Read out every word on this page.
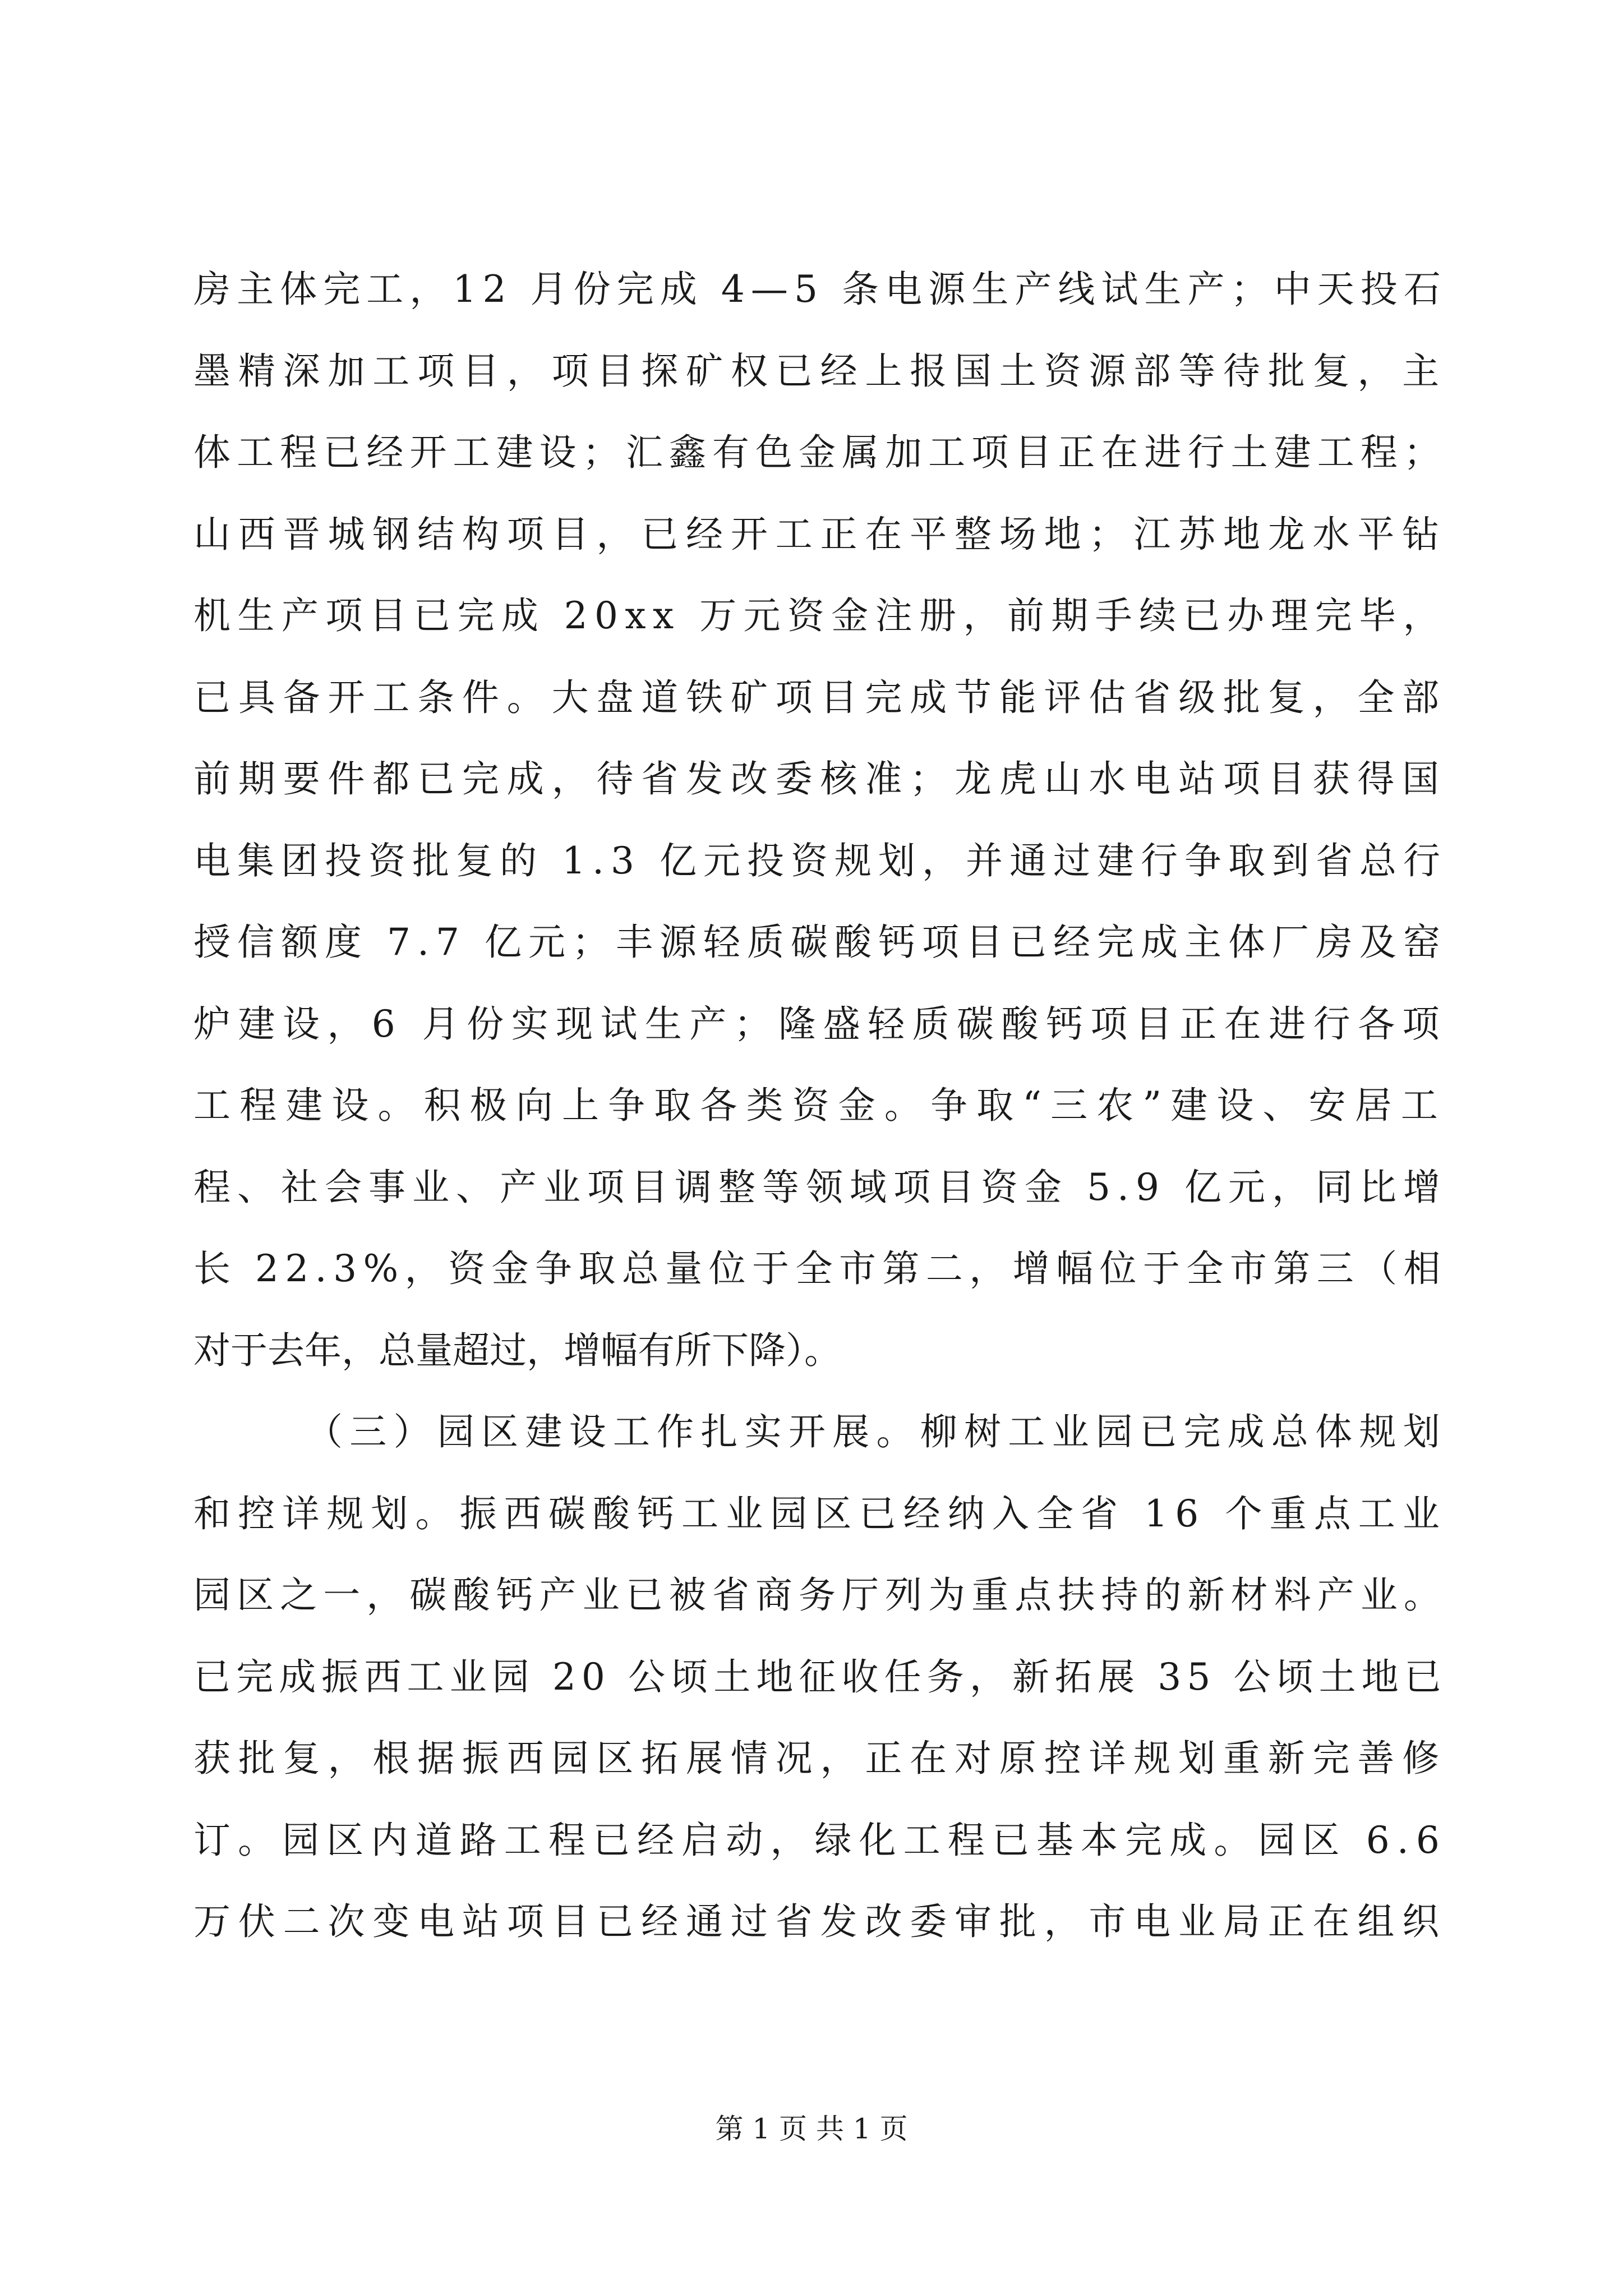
房主体完工，12 月份完成 4—5 条电源生产线试生产；中天投石
墨精深加工项目，项目探矿权已经上报国土资源部等待批复，主
体工程已经开工建设；汇鑫有色金属加工项目正在进行土建工程；
山西晋城钢结构项目，已经开工正在平整场地；江苏地龙水平钻
机生产项目已完成 20xx 万元资金注册，前期手续已办理完毕，
已具备开工条件。大盘道铁矿项目完成节能评估省级批复，全部
前期要件都已完成，待省发改委核准；龙虎山水电站项目获得国
电集团投资批复的 1.3 亿元投资规划，并通过建行争取到省总行
授信额度 7.7 亿元；丰源轻质碳酸钙项目已经完成主体厂房及窑
炉建设，6 月份实现试生产；隆盛轻质碳酸钙项目正在进行各项
工程建设。积极向上争取各类资金。争取“三农”建设、安居工
程、社会事业、产业项目调整等领域项目资金 5.9 亿元，同比增
长 22.3%，资金争取总量位于全市第二，增幅位于全市第三（相
对于去年，总量超过，增幅有所下降）。
（三）园区建设工作扎实开展。柳树工业园已完成总体规划
和控详规划。振西碳酸钙工业园区已经纳入全省 16 个重点工业
园区之一，碳酸钙产业已被省商务厅列为重点扶持的新材料产业。
已完成振西工业园 20 公顷土地征收任务，新拓展 35 公顷土地已
获批复，根据振西园区拓展情况，正在对原控详规划重新完善修
订。园区内道路工程已经启动，绿化工程已基本完成。园区 6.6
万伏二次变电站项目已经通过省发改委审批，市电业局正在组织
第 1 页 共 1 页
